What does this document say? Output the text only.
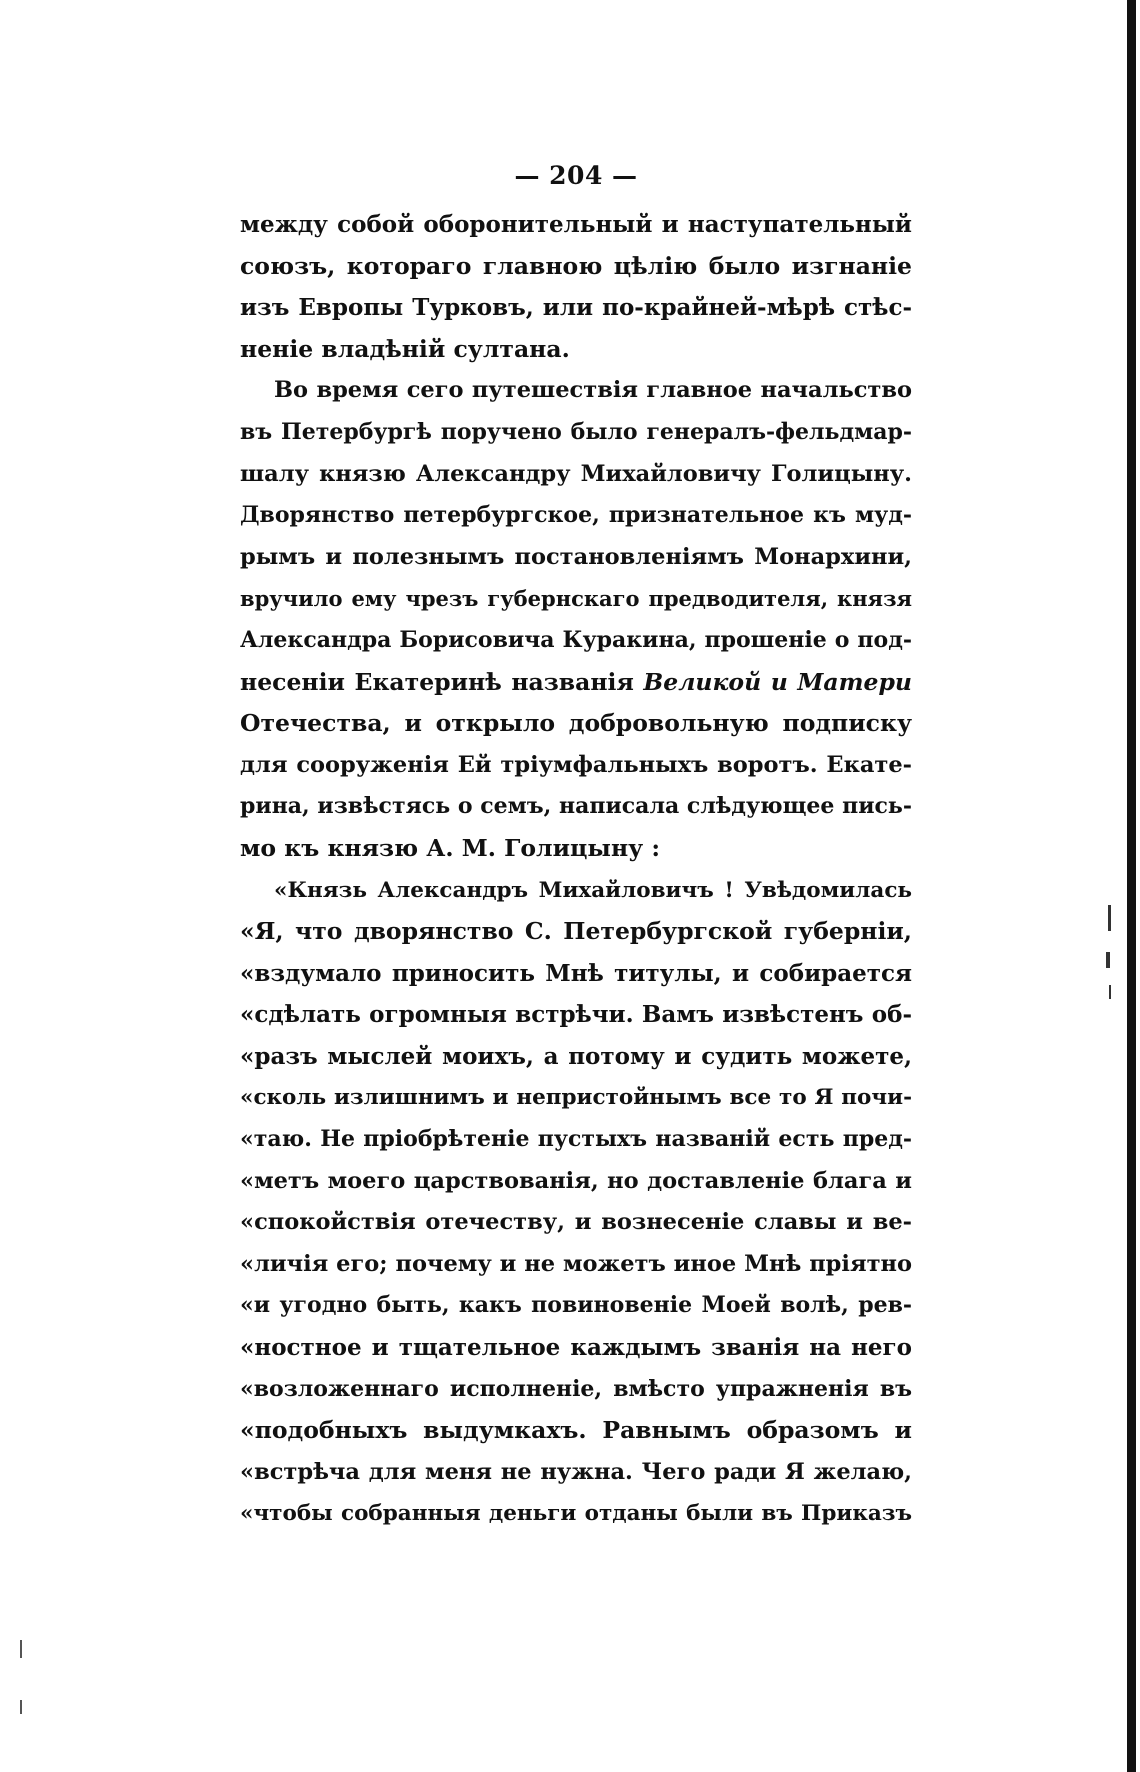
— 204 —
между собой оборонительный и наступательный
союзъ, котораго главною цѣлію было изгнаніе
изъ Европы Турковъ, или по-крайней-мѣрѣ стѣс-
неніе владѣній султана.
Во время сего путешествія главное начальство
въ Петербургѣ поручено было генералъ-фельдмар-
шалу князю Александру Михайловичу Голицыну.
Дворянство петербургское, признательное къ муд-
рымъ и полезнымъ постановленіямъ Монархини,
вручило ему чрезъ губернскаго предводителя, князя
Александра Борисовича Куракина, прошеніе о под-
несеніи Екатеринѣ названія Великой и Матери
Отечества, и открыло добровольную подписку
для сооруженія Ей тріумфальныхъ воротъ. Екате-
рина, извѣстясь о семъ, написала слѣдующее пись-
мо къ князю А. М. Голицыну :
«Князь Александръ Михайловичъ ! Увѣдомилась
«Я, что дворянство С. Петербургской губерніи,
«вздумало приносить Мнѣ титулы, и собирается
«сдѣлать огромныя встрѣчи. Вамъ извѣстенъ об-
«разъ мыслей моихъ, а потому и судить можете,
«сколь излишнимъ и непристойнымъ все то Я почи-
«таю. Не пріобрѣтеніе пустыхъ названій есть пред-
«метъ моего царствованія, но доставленіе блага и
«спокойствія отечеству, и вознесеніе славы и ве-
«личія его; почему и не можетъ иное Мнѣ пріятно
«и угодно быть, какъ повиновеніе Моей волѣ, рев-
«ностное и тщательное каждымъ званія на него
«возложеннаго исполненіе, вмѣсто упражненія въ
«подобныхъ выдумкахъ. Равнымъ образомъ и
«встрѣча для меня не нужна. Чего ради Я желаю,
«чтобы собранныя деньги отданы были въ Приказъ
